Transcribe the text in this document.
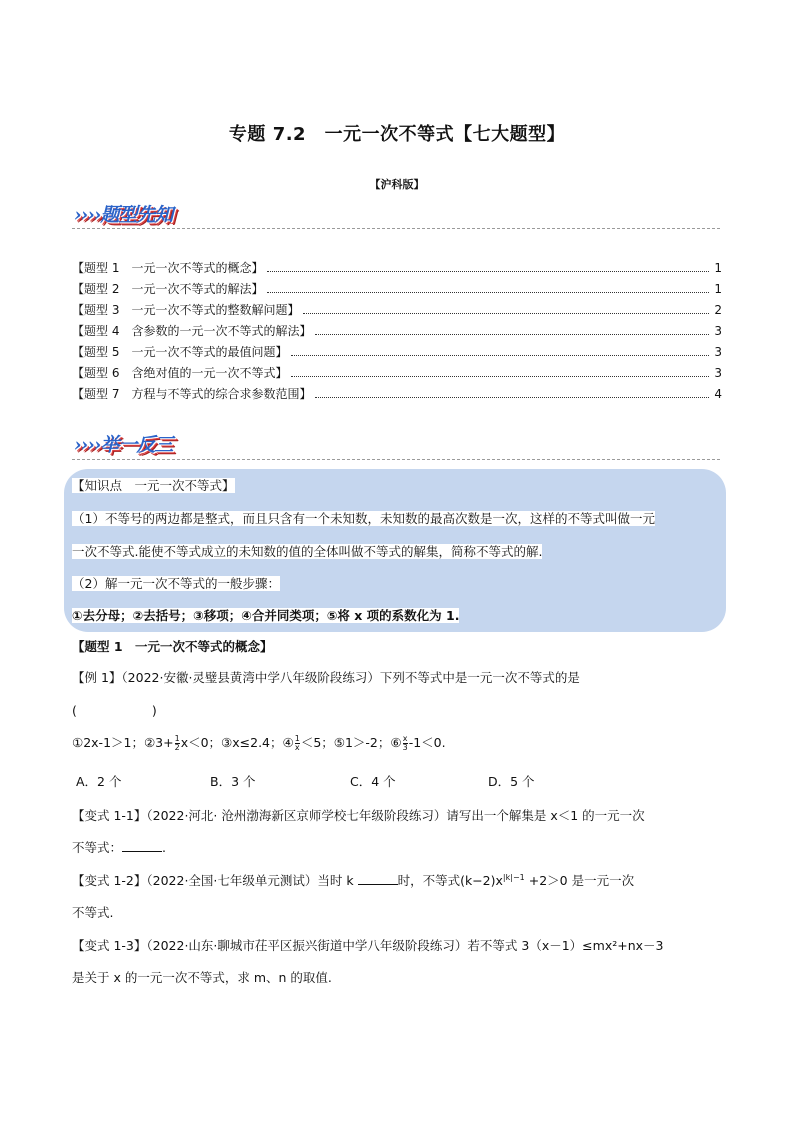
专题 7.2　一元一次不等式【七大题型】
【沪科版】
››››题型先知
【题型 1　一元一次不等式的概念】	1
【题型 2　一元一次不等式的解法】	1
【题型 3　一元一次不等式的整数解问题】	2
【题型 4　含参数的一元一次不等式的解法】	3
【题型 5　一元一次不等式的最值问题】	3
【题型 6　含绝对值的一元一次不等式】	3
【题型 7　方程与不等式的综合求参数范围】	4
››››举一反三
【知识点　一元一次不等式】
（1）不等号的两边都是整式，而且只含有一个未知数，未知数的最高次数是一次，这样的不等式叫做一元
一次不等式.能使不等式成立的未知数的值的全体叫做不等式的解集，简称不等式的解.
（2）解一元一次不等式的一般步骤：
①去分母；②去括号；③移项；④合并同类项；⑤将 x 项的系数化为 1.
【题型 1　一元一次不等式的概念】
【例 1】（2022·安徽·灵璧县黄湾中学八年级阶段练习）下列不等式中是一元一次不等式的是
(　　　　　　)
①2x-1＞1；②3+ $\frac{1}{2} x<0$；③x≤2.4；④ $\frac{1}{x} <5$；⑤1＞-2；⑥ $\frac{x}{3} -1<0$.
A．2 个	B．3 个	C．4 个	D．5 个
【变式 1-1】（2022·河北· 沧州渤海新区京师学校七年级阶段练习）请写出一个解集是 x＜1 的一元一次
不等式：	.
【变式 1-2】（2022·全国·七年级单元测试）当时 k	时，不等式$(k-2)x^{|k|-1} +2>0$ 是一元一次
不等式.
【变式 1-3】（2022·山东·聊城市茌平区振兴街道中学八年级阶段练习）若不等式 3（x－1）≤mx²+nx－3
是关于 x 的一元一次不等式，求 m、n 的取值.
